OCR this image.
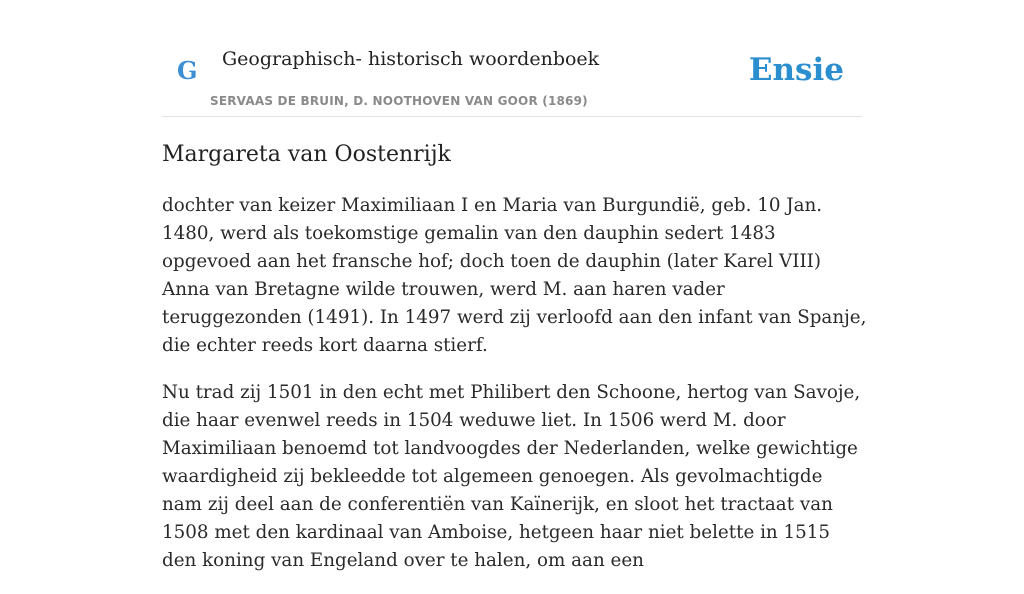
G Geographisch- historisch woordenboek
SERVAAS DE BRUIN, D. NOOTHOVEN VAN GOOR (1869)
Ensie
Margareta van Oostenrijk

dochter van keizer Maximiliaan I en Maria van Burgundië, geb. 10 Jan. 1480, werd als toekomstige gemalin van den dauphin sedert 1483 opgevoed aan het fransche hof; doch toen de dauphin (later Karel VIII) Anna van Bretagne wilde trouwen, werd M. aan haren vader teruggezonden (1491). In 1497 werd zij verloofd aan den infant van Spanje, die echter reeds kort daarna stierf.

Nu trad zij 1501 in den echt met Philibert den Schoone, hertog van Savoje, die haar evenwel reeds in 1504 weduwe liet. In 1506 werd M. door Maximiliaan benoemd tot landvoogdes der Nederlanden, welke gewichtige waardigheid zij bekleedde tot algemeen genoegen. Als gevolmachtigde nam zij deel aan de conferentiën van Kaïnerijk, en sloot het tractaat van 1508 met den kardinaal van Amboise, hetgeen haar niet belette in 1515 den koning van Engeland over te halen, om aan een
